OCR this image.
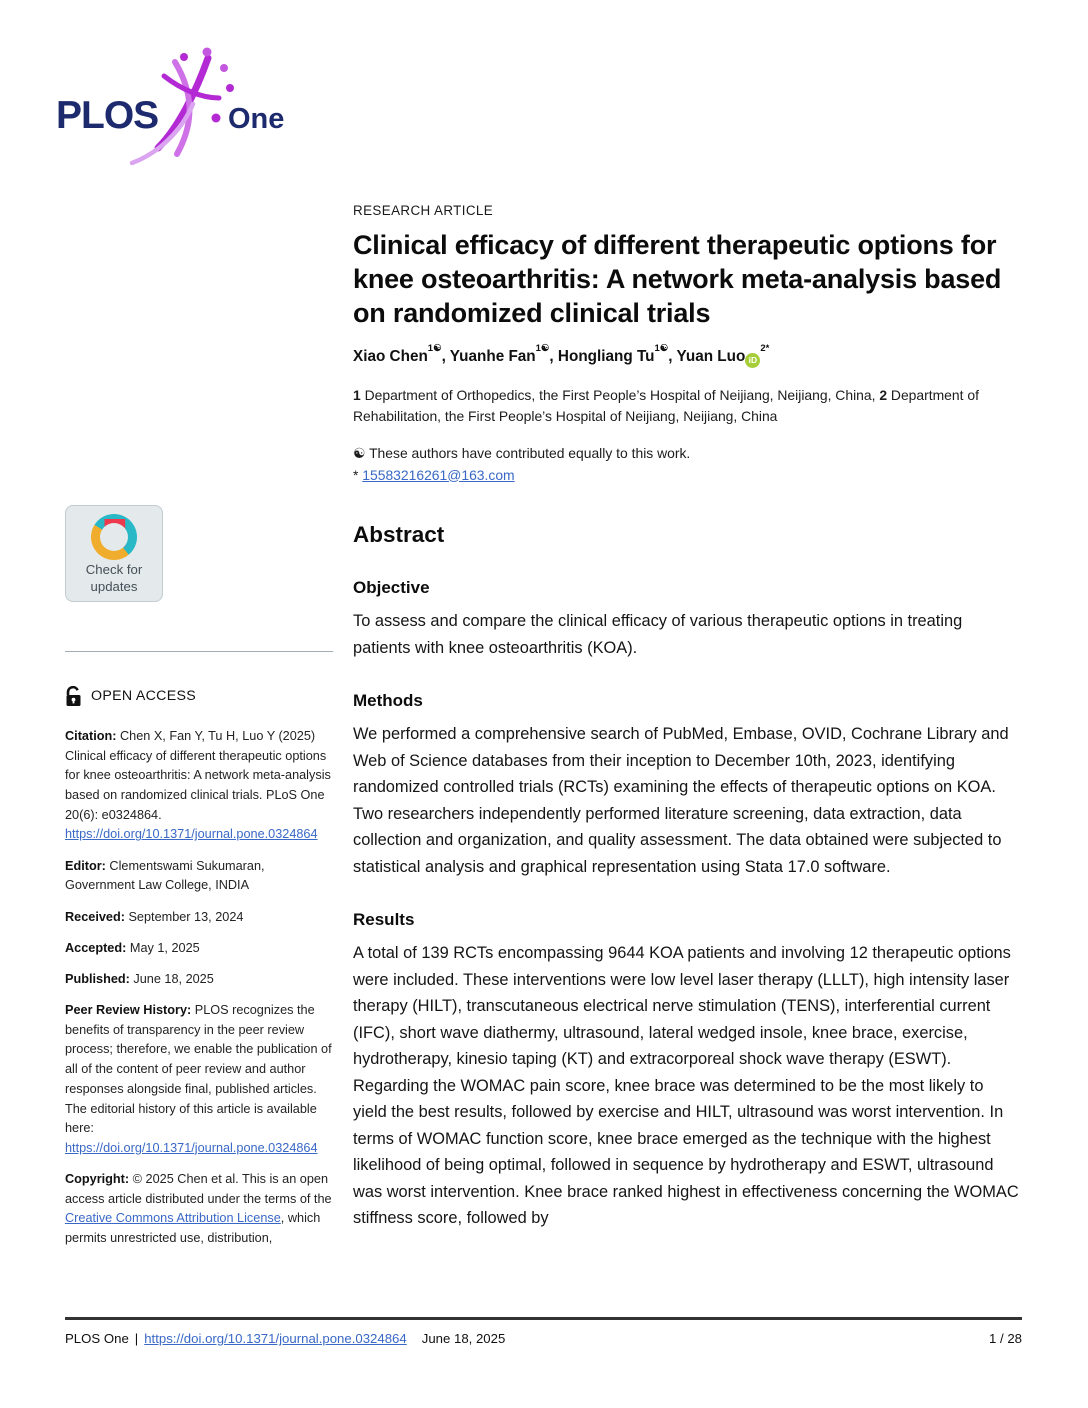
PLOS One
Check for
updates
OPEN ACCESS

Citation: Chen X, Fan Y, Tu H, Luo Y (2025) Clinical efficacy of different therapeutic options for knee osteoarthritis: A network meta-analysis based on randomized clinical trials. PLoS One 20(6): e0324864. https://doi.org/10.1371/journal.pone.0324864

Editor: Clementswami Sukumaran, Government Law College, INDIA

Received: September 13, 2024

Accepted: May 1, 2025

Published: June 18, 2025

Peer Review History: PLOS recognizes the benefits of transparency in the peer review process; therefore, we enable the publication of all of the content of peer review and author responses alongside final, published articles. The editorial history of this article is available here: https://doi.org/10.1371/journal.pone.0324864

Copyright: © 2025 Chen et al. This is an open access article distributed under the terms of the Creative Commons Attribution License, which permits unrestricted use, distribution,

RESEARCH ARTICLE
Clinical efficacy of different therapeutic options for knee osteoarthritis: A network meta-analysis based on randomized clinical trials

Xiao Chen$^{1☯}$, Yuanhe Fan$^{1☯}$, Hongliang $Tu^{1☯}$, Yuan Luo $iD^{2*}$

1 Department of Orthopedics, the First People’s Hospital of Neijiang, Neijiang, China, 2 Department of Rehabilitation, the First People’s Hospital of Neijiang, Neijiang, China

☯ These authors have contributed equally to this work.

* 15583216261@163.com

Abstract
Objective

To assess and compare the clinical efficacy of various therapeutic options in treating patients with knee osteoarthritis (KOA).

Methods

We performed a comprehensive search of PubMed, Embase, OVID, Cochrane Library and Web of Science databases from their inception to December 10th, 2023, identifying randomized controlled trials (RCTs) examining the effects of therapeutic options on KOA. Two researchers independently performed literature screening, data extraction, data collection and organization, and quality assessment. The data obtained were subjected to statistical analysis and graphical representation using Stata 17.0 software.

Results

A total of 139 RCTs encompassing 9644 KOA patients and involving 12 therapeutic options were included. These interventions were low level laser therapy (LLLT), high intensity laser therapy (HILT), transcutaneous electrical nerve stimulation (TENS), interferential current (IFC), short wave diathermy, ultrasound, lateral wedged insole, knee brace, exercise, hydrotherapy, kinesio taping (KT) and extracorporeal shock wave therapy (ESWT). Regarding the WOMAC pain score, knee brace was determined to be the most likely to yield the best results, followed by exercise and HILT, ultrasound was worst intervention. In terms of WOMAC function score, knee brace emerged as the technique with the highest likelihood of being optimal, followed in sequence by hydrotherapy and ESWT, ultrasound was worst intervention. Knee brace ranked highest in effectiveness concerning the WOMAC stiffness score, followed by

PLOS One | https://doi.org/10.1371/journal.pone.0324864 June 18, 2025	1 / 28
